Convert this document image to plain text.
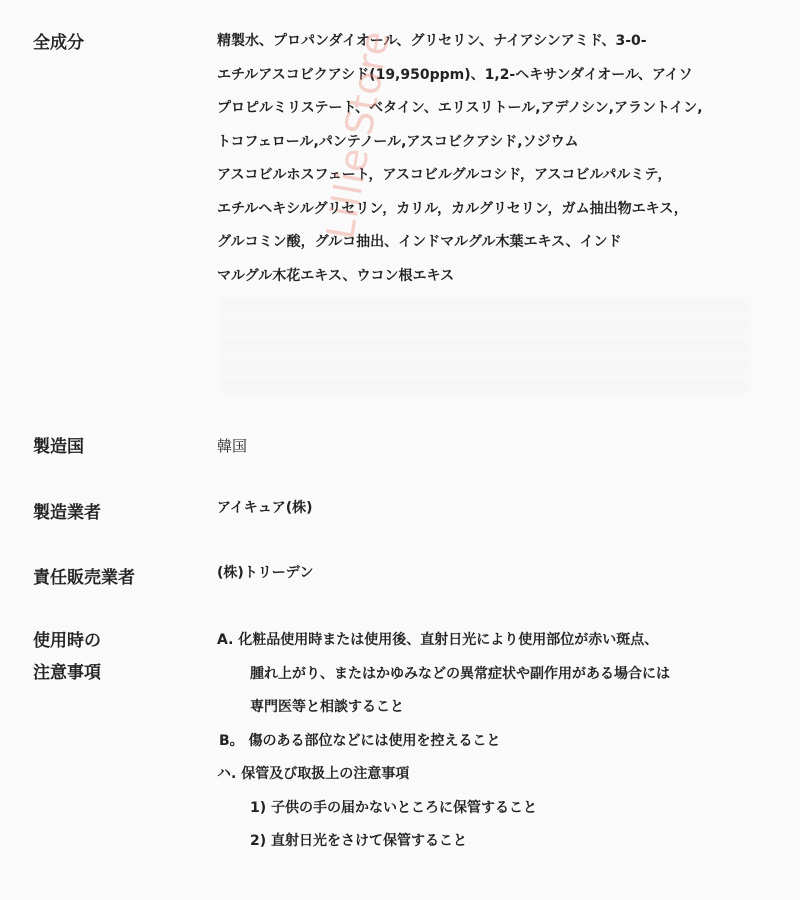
全成分	精製水、プロパンダイオール、グリセリン、ナイアシンアミド、3-0-
エチルアスコビクアシド(19,950ppm)、1,2-ヘキサンダイオール、アイソ
プロピルミリステート、ベタイン、エリスリトール,アデノシン,アラントイン,
トコフェロール,パンテノール,アスコビクアシド,ソジウム
アスコビルホスフェート，アスコビルグルコシド，アスコビルパルミテ，
エチルヘキシルグリセリン，カリル，カルグリセリン，ガム抽出物エキス，
グルコミン酸，グルコ抽出、インドマルグル木葉エキス、インド
マルグル木花エキス、ウコン根エキス
Lillie Store
製造国	韓国
製造業者	アイキュア(株)
責任販売業者	(株)トリーデン
使用時の
注意事項
A. 化粧品使用時または使用後、直射日光により使用部位が赤い斑点、
腫れ上がり、またはかゆみなどの異常症状や副作用がある場合には
専門医等と相談すること
B。 傷のある部位などには使用を控えること
ハ. 保管及び取扱上の注意事項
1) 子供の手の届かないところに保管すること
2) 直射日光をさけて保管すること
